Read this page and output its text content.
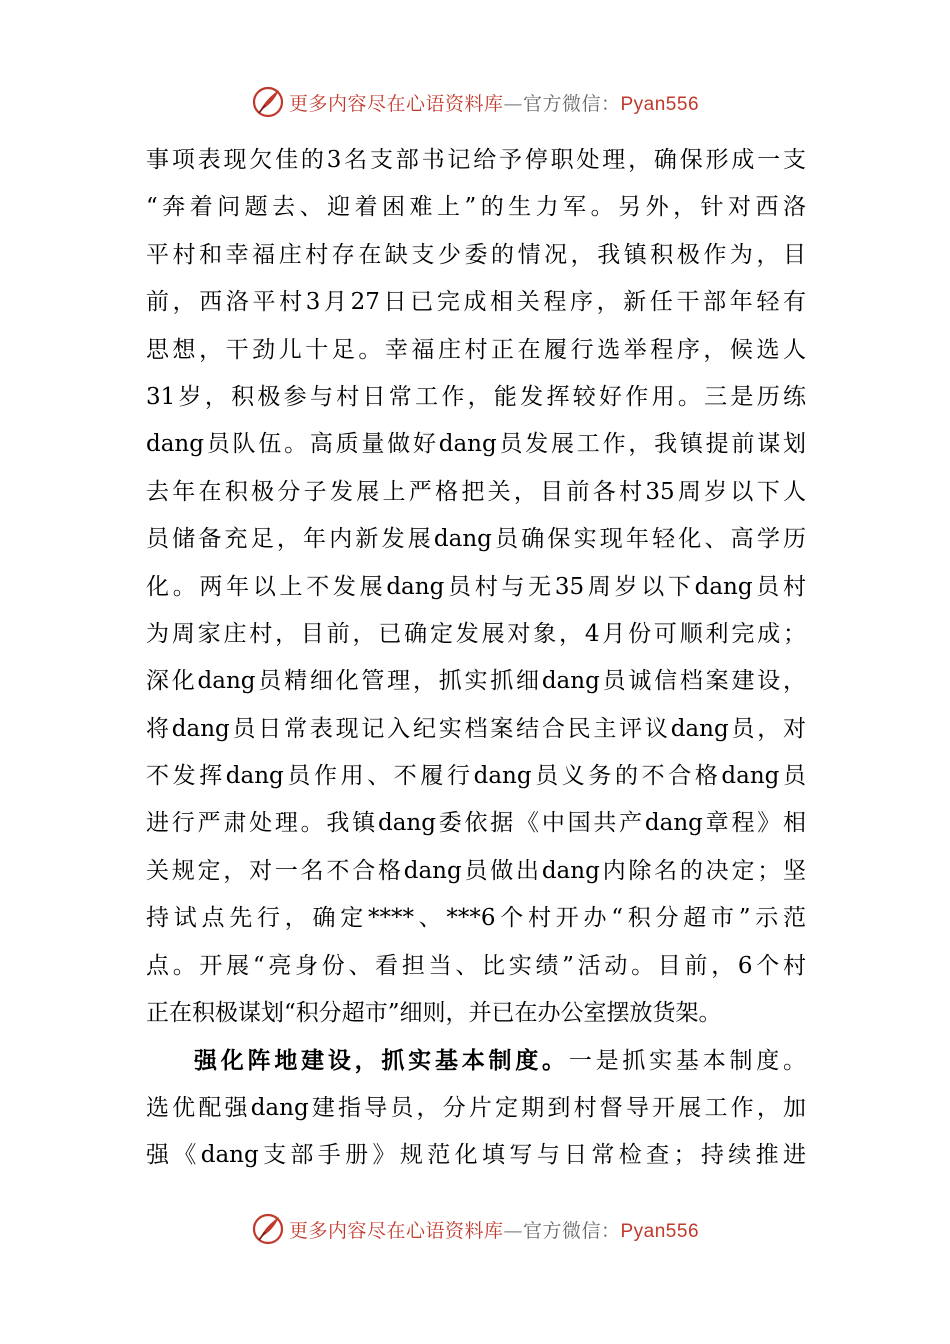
更多内容尽在心语资料库—官方微信：Pyan556
事项表现欠佳的3名支部书记给予停职处理，确保形成一支
“奔着问题去、迎着困难上”的生力军。另外，针对西洛
平村和幸福庄村存在缺支少委的情况，我镇积极作为，目
前，西洛平村3月27日已完成相关程序，新任干部年轻有
思想，干劲儿十足。幸福庄村正在履行选举程序，候选人
31岁，积极参与村日常工作，能发挥较好作用。三是历练
dang员队伍。高质量做好dang员发展工作，我镇提前谋划
去年在积极分子发展上严格把关，目前各村35周岁以下人
员储备充足，年内新发展dang员确保实现年轻化、高学历
化。两年以上不发展dang员村与无35周岁以下dang员村
为周家庄村，目前，已确定发展对象，4月份可顺利完成；
深化dang员精细化管理，抓实抓细dang员诚信档案建设，
将dang员日常表现记入纪实档案结合民主评议dang员，对
不发挥dang员作用、不履行dang员义务的不合格dang员
进行严肃处理。我镇dang委依据《中国共产dang章程》相
关规定，对一名不合格dang员做出dang内除名的决定；坚
持试点先行，确定****、***6个村开办“积分超市”示范
点。开展“亮身份、看担当、比实绩”活动。目前，6个村
正在积极谋划“积分超市”细则，并已在办公室摆放货架。
强化阵地建设，抓实基本制度。一是抓实基本制度。
选优配强dang建指导员，分片定期到村督导开展工作，加
强《dang支部手册》规范化填写与日常检查；持续推进
更多内容尽在心语资料库—官方微信：Pyan556
